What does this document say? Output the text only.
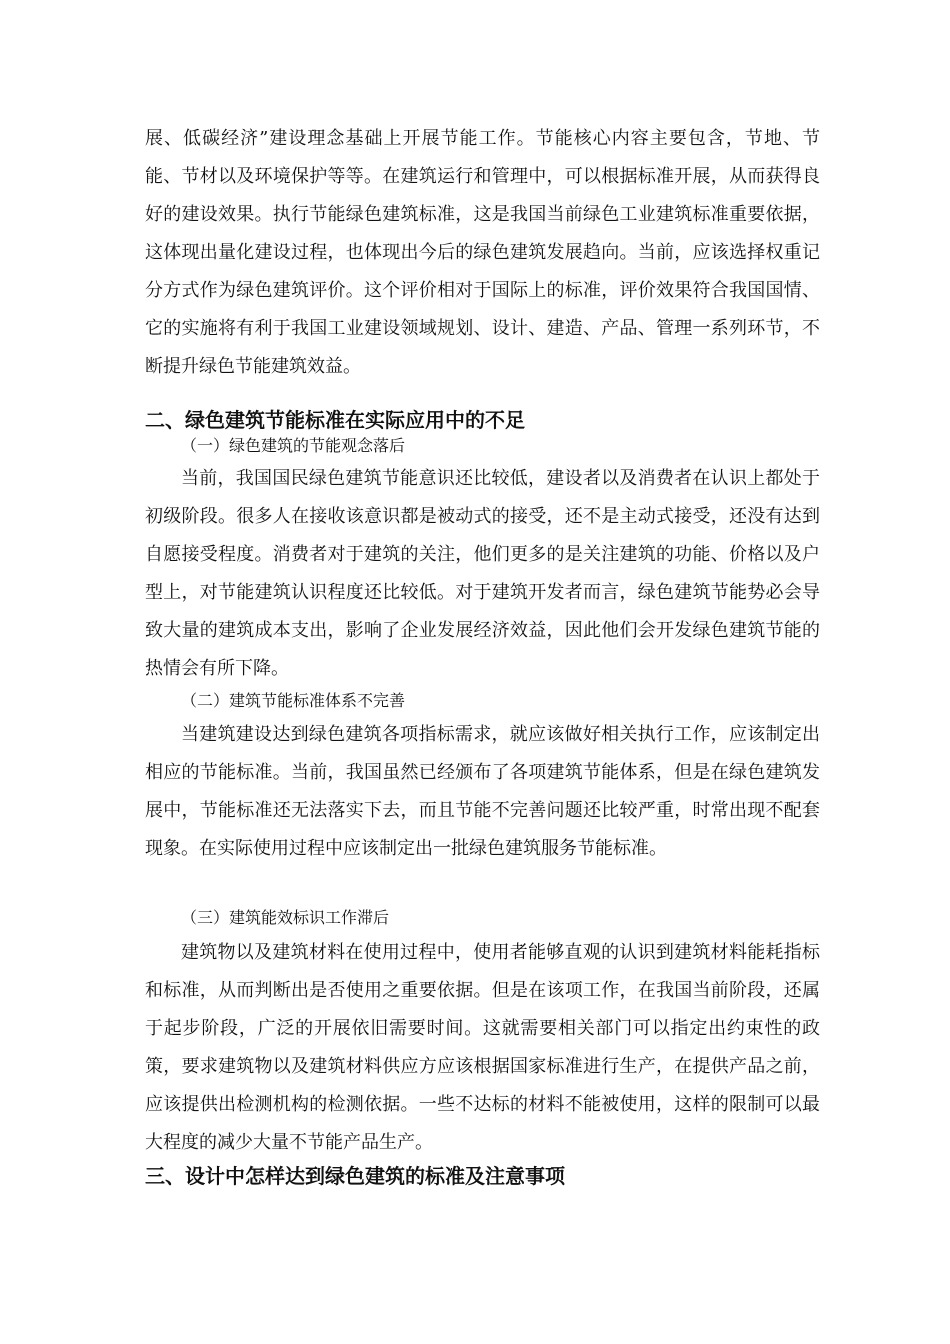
展、低碳经济”建设理念基础上开展节能工作。节能核心内容主要包含，节地、节能、节材以及环境保护等等。在建筑运行和管理中，可以根据标准开展，从而获得良好的建设效果。执行节能绿色建筑标准，这是我国当前绿色工业建筑标准重要依据，这体现出量化建设过程，也体现出今后的绿色建筑发展趋向。当前，应该选择权重记分方式作为绿色建筑评价。这个评价相对于国际上的标准，评价效果符合我国国情、它的实施将有利于我国工业建设领域规划、设计、建造、产品、管理一系列环节，不断提升绿色节能建筑效益。

二、绿色建筑节能标准在实际应用中的不足
（一）绿色建筑的节能观念落后

当前，我国国民绿色建筑节能意识还比较低，建设者以及消费者在认识上都处于初级阶段。很多人在接收该意识都是被动式的接受，还不是主动式接受，还没有达到自愿接受程度。消费者对于建筑的关注，他们更多的是关注建筑的功能、价格以及户型上，对节能建筑认识程度还比较低。对于建筑开发者而言，绿色建筑节能势必会导致大量的建筑成本支出，影响了企业发展经济效益，因此他们会开发绿色建筑节能的热情会有所下降。

（二）建筑节能标准体系不完善

当建筑建设达到绿色建筑各项指标需求，就应该做好相关执行工作，应该制定出相应的节能标准。当前，我国虽然已经颁布了各项建筑节能体系，但是在绿色建筑发展中，节能标准还无法落实下去，而且节能不完善问题还比较严重，时常出现不配套现象。在实际使用过程中应该制定出一批绿色建筑服务节能标准。

（三）建筑能效标识工作滞后

建筑物以及建筑材料在使用过程中，使用者能够直观的认识到建筑材料能耗指标和标准，从而判断出是否使用之重要依据。但是在该项工作，在我国当前阶段，还属于起步阶段，广泛的开展依旧需要时间。这就需要相关部门可以指定出约束性的政策，要求建筑物以及建筑材料供应方应该根据国家标准进行生产，在提供产品之前，应该提供出检测机构的检测依据。一些不达标的材料不能被使用，这样的限制可以最大程度的减少大量不节能产品生产。

三、设计中怎样达到绿色建筑的标准及注意事项
